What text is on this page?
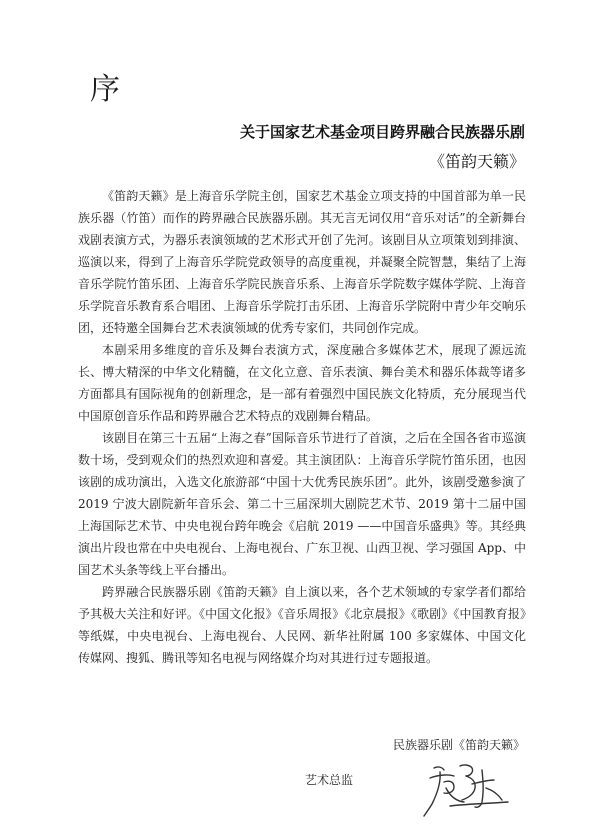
序
关于国家艺术基金项目跨界融合民族器乐剧
《笛韵天籁》

《笛韵天籁》是上海音乐学院主创，国家艺术基金立项支持的中国首部为单一民族乐器（竹笛）而作的跨界融合民族器乐剧。其无言无词仅用“音乐对话”的全新舞台戏剧表演方式，为器乐表演领域的艺术形式开创了先河。该剧目从立项策划到排演、巡演以来，得到了上海音乐学院党政领导的高度重视，并凝聚全院智慧，集结了上海音乐学院竹笛乐团、上海音乐学院民族音乐系、上海音乐学院数字媒体学院、上海音乐学院音乐教育系合唱团、上海音乐学院打击乐团、上海音乐学院附中青少年交响乐团，还特邀全国舞台艺术表演领域的优秀专家们，共同创作完成。

本剧采用多维度的音乐及舞台表演方式，深度融合多媒体艺术，展现了源远流长、博大精深的中华文化精髓，在文化立意、音乐表演、舞台美术和器乐体裁等诸多方面都具有国际视角的创新理念，是一部有着强烈中国民族文化特质，充分展现当代中国原创音乐作品和跨界融合艺术特点的戏剧舞台精品。

该剧目在第三十五届“上海之春”国际音乐节进行了首演，之后在全国各省市巡演数十场，受到观众们的热烈欢迎和喜爱。其主演团队：上海音乐学院竹笛乐团，也因该剧的成功演出，入选文化旅游部“中国十大优秀民族乐团”。此外，该剧受邀参演了 2019 宁波大剧院新年音乐会、第二十三届深圳大剧院艺术节、2019 第十二届中国上海国际艺术节、中央电视台跨年晚会《启航 2019 ——中国音乐盛典》等。其经典演出片段也常在中央电视台、上海电视台、广东卫视、山西卫视、学习强国 App、中国艺术头条等线上平台播出。

跨界融合民族器乐剧《笛韵天籁》自上演以来，各个艺术领域的专家学者们都给予其极大关注和好评。《中国文化报》《音乐周报》《北京晨报》《歌剧》《中国教育报》等纸媒，中央电视台、上海电视台、人民网、新华社附属 100 多家媒体、中国文化传媒网、搜狐、腾讯等知名电视与网络媒介均对其进行过专题报道。

民族器乐剧《笛韵天籁》
艺术总监
